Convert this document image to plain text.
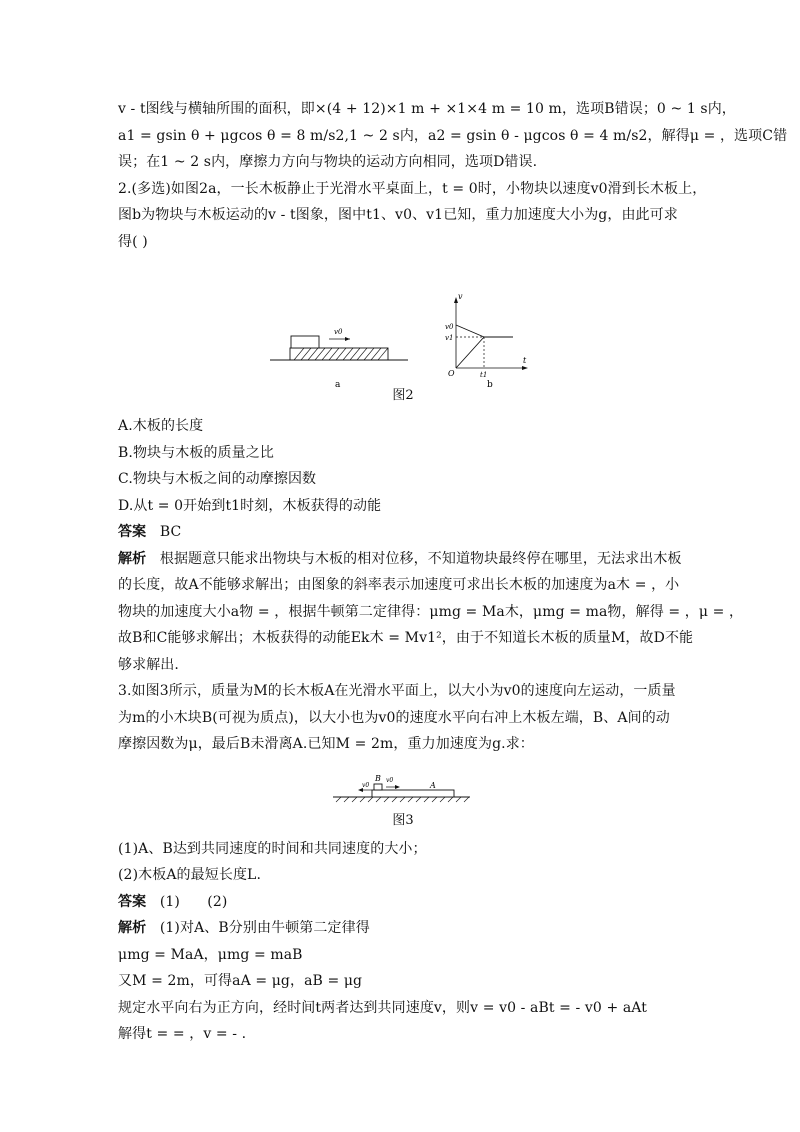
v - t图线与横轴所围的面积，即×(4 + 12)×1 m + ×1×4 m = 10 m，选项B错误；0 ~ 1 s内，
a1 = gsin θ + μgcos θ = 8 m/s2,1 ~ 2 s内，a2 = gsin θ - μgcos θ = 4 m/s2，解得μ = ，选项C错
误；在1 ~ 2 s内，摩擦力方向与物块的运动方向相同，选项D错误.
2.(多选)如图2a，一长木板静止于光滑水平桌面上，t = 0时，小物块以速度v0滑到长木板上，
图b为物块与木板运动的v - t图象，图中t1、v0、v1已知，重力加速度大小为g，由此可求
得( )
v0
a
v
t
v0
v1
O	t1
b
图2
A.木板的长度
B.物块与木板的质量之比
C.物块与木板之间的动摩擦因数
D.从t = 0开始到t1时刻，木板获得的动能
答案 BC
解析 根据题意只能求出物块与木板的相对位移，不知道物块最终停在哪里，无法求出木板
的长度，故A不能够求解出；由图象的斜率表示加速度可求出长木板的加速度为a木 = ，小
物块的加速度大小a物 = ，根据牛顿第二定律得：μmg = Ma木，μmg = ma物，解得 = ，μ = ，
故B和C能够求解出；木板获得的动能Ek木 = Mv1²，由于不知道长木板的质量M，故D不能
够求解出.
3.如图3所示，质量为M的长木板A在光滑水平面上，以大小为v0的速度向左运动，一质量
为m的小木块B(可视为质点)，以大小也为v0的速度水平向右冲上木板左端，B、A间的动
摩擦因数为μ，最后B未滑离A.已知M = 2m，重力加速度为g.求：
B
A
v0
v0
图3
(1)A、B达到共同速度的时间和共同速度的大小；
(2)木板A的最短长度L.
答案 (1)      (2)
解析 (1)对A、B分别由牛顿第二定律得
μmg = MaA，μmg = maB
又M = 2m，可得aA = μg，aB = μg
规定水平向右为正方向，经时间t两者达到共同速度v，则v = v0 - aBt = - v0 + aAt
解得t = = ，v = - .
